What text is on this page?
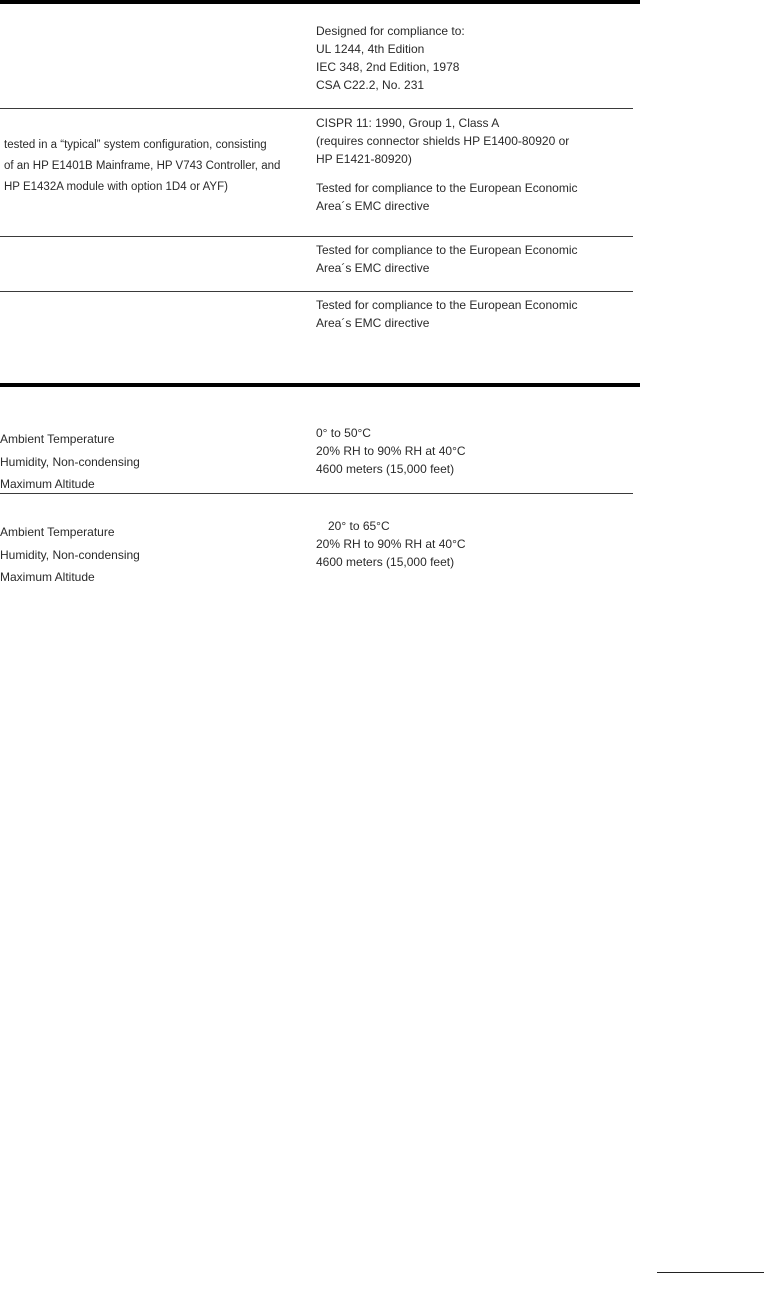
Designed for compliance to:
UL 1244, 4th Edition
IEC 348, 2nd Edition, 1978
CSA C22.2, No. 231
tested in a “typical” system configuration, consisting
of an HP E1401B Mainframe, HP V743 Controller, and
HP E1432A module with option 1D4 or AYF)
CISPR 11: 1990, Group 1, Class A
(requires connector shields HP E1400-80920 or
HP E1421-80920)
Tested for compliance to the European Economic
Area´s EMC directive
Tested for compliance to the European Economic
Area´s EMC directive
Tested for compliance to the European Economic
Area´s EMC directive
Ambient Temperature
Humidity, Non-condensing
Maximum Altitude
0° to 50°C
20% RH to 90% RH at 40°C
4600 meters (15,000 feet)
Ambient Temperature
Humidity, Non-condensing
Maximum Altitude
20° to 65°C
20% RH to 90% RH at 40°C
4600 meters (15,000 feet)
